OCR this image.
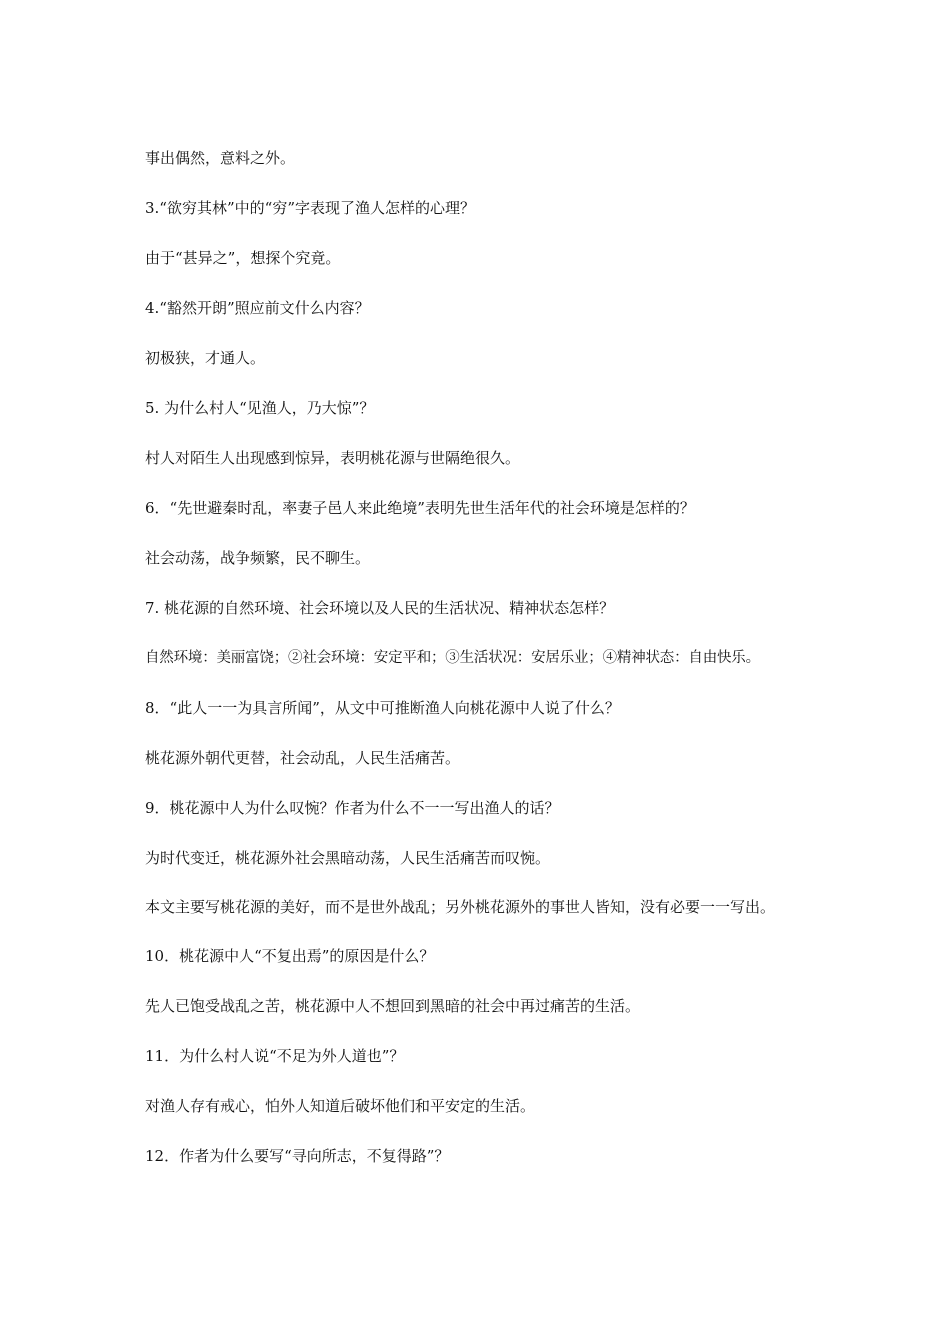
事出偶然，意料之外。

3.“欲穷其林”中的“穷”字表现了渔人怎样的心理？

由于“甚异之”，想探个究竟。

4.“豁然开朗”照应前文什么内容？

初极狭，才通人。

5. 为什么村人“见渔人，乃大惊”？

村人对陌生人出现感到惊异，表明桃花源与世隔绝很久。

6．“先世避秦时乱，率妻子邑人来此绝境”表明先世生活年代的社会环境是怎样的？

社会动荡，战争频繁，民不聊生。

7. 桃花源的自然环境、社会环境以及人民的生活状况、精神状态怎样？

自然环境：美丽富饶；②社会环境：安定平和；③生活状况：安居乐业；④精神状态：自由快乐。

8．“此人一一为具言所闻”，从文中可推断渔人向桃花源中人说了什么？

桃花源外朝代更替，社会动乱，人民生活痛苦。

9．桃花源中人为什么叹惋？作者为什么不一一写出渔人的话？

为时代变迁，桃花源外社会黑暗动荡，人民生活痛苦而叹惋。

本文主要写桃花源的美好，而不是世外战乱；另外桃花源外的事世人皆知，没有必要一一写出。

10．桃花源中人“不复出焉”的原因是什么？

先人已饱受战乱之苦，桃花源中人不想回到黑暗的社会中再过痛苦的生活。

11．为什么村人说“不足为外人道也”？

对渔人存有戒心，怕外人知道后破坏他们和平安定的生活。

12．作者为什么要写“寻向所志，不复得路”？
